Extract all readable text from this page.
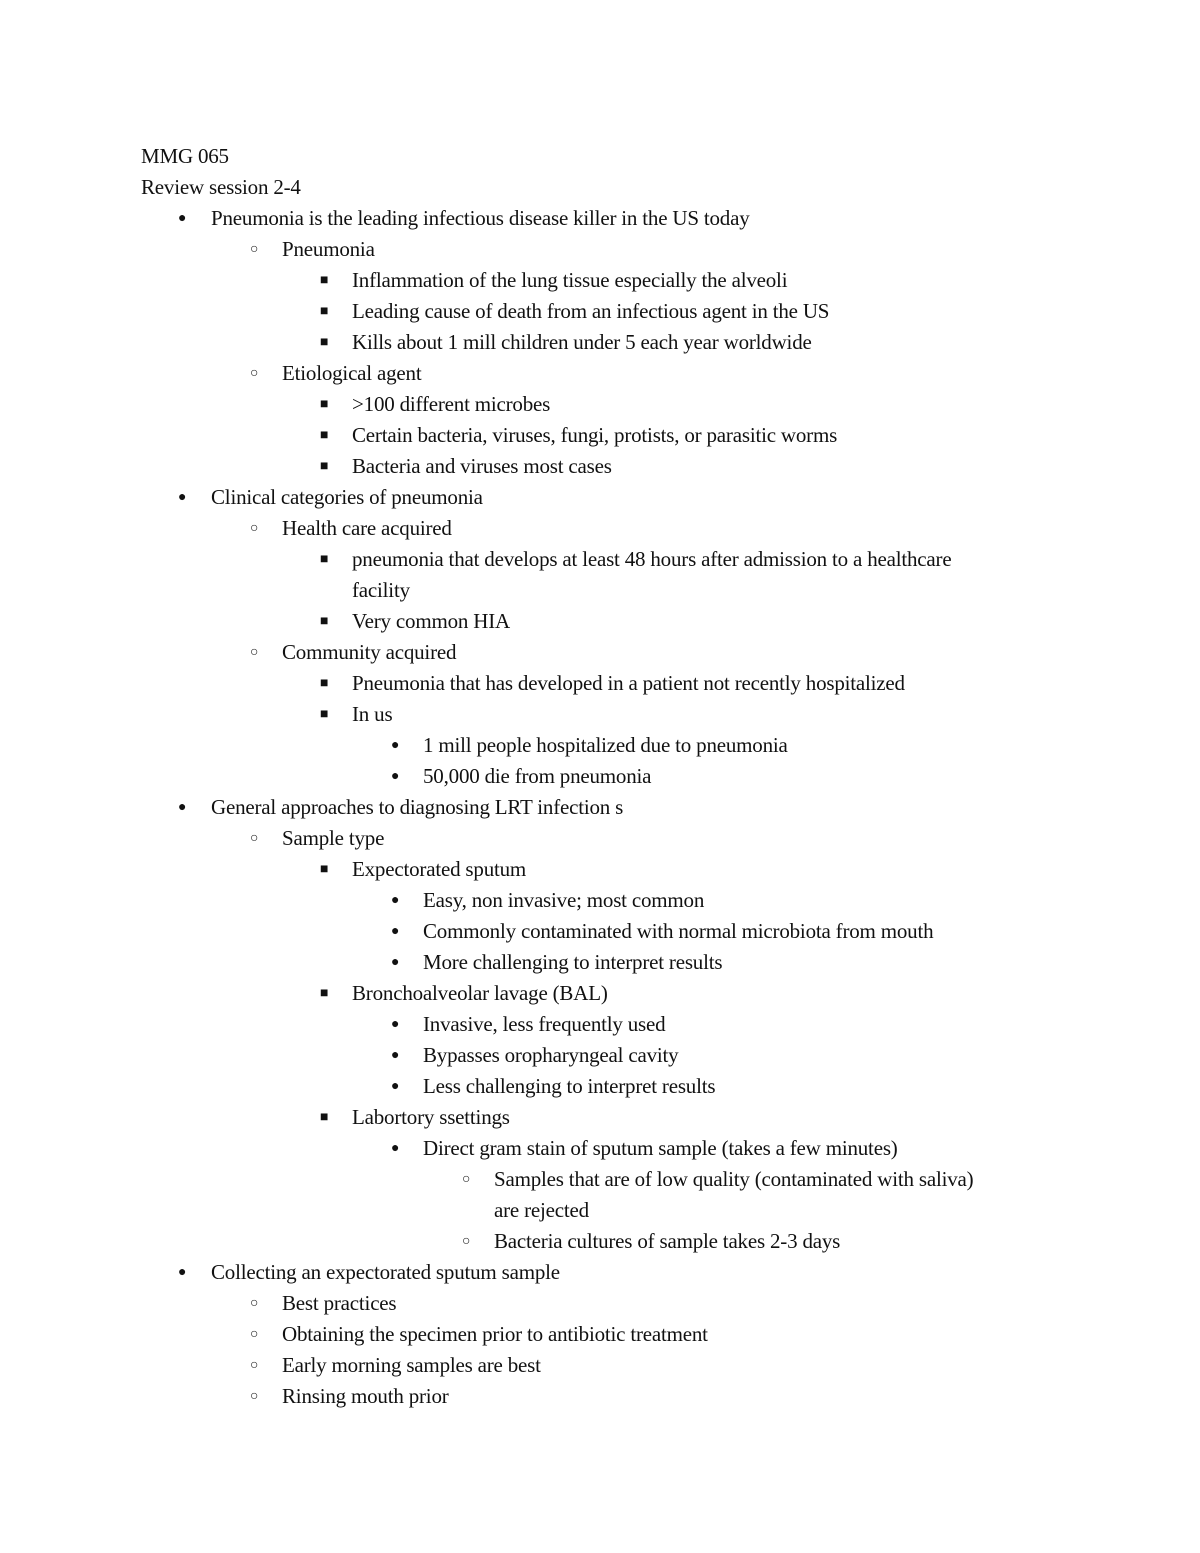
MMG 065
Review session 2-4
● Pneumonia is the leading infectious disease killer in the US today
○ Pneumonia
■ Inflammation of the lung tissue especially the alveoli
■ Leading cause of death from an infectious agent in the US
■ Kills about 1 mill children under 5 each year worldwide
○ Etiological agent
■ >100 different microbes
■ Certain bacteria, viruses, fungi, protists, or parasitic worms
■ Bacteria and viruses most cases
● Clinical categories of pneumonia
○ Health care acquired
■ pneumonia that develops at least 48 hours after admission to a healthcare
facility
■ Very common HIA
○ Community acquired
■ Pneumonia that has developed in a patient not recently hospitalized
■ In us
● 1 mill people hospitalized due to pneumonia
● 50,000 die from pneumonia
● General approaches to diagnosing LRT infection s
○ Sample type
■ Expectorated sputum
● Easy, non invasive; most common
● Commonly contaminated with normal microbiota from mouth
● More challenging to interpret results
■ Bronchoalveolar lavage (BAL)
● Invasive, less frequently used
● Bypasses oropharyngeal cavity
● Less challenging to interpret results
■ Labortory ssettings
● Direct gram stain of sputum sample (takes a few minutes)
○ Samples that are of low quality (contaminated with saliva)
are rejected
○ Bacteria cultures of sample takes 2-3 days
● Collecting an expectorated sputum sample
○ Best practices
○ Obtaining the specimen prior to antibiotic treatment
○ Early morning samples are best
○ Rinsing mouth prior
